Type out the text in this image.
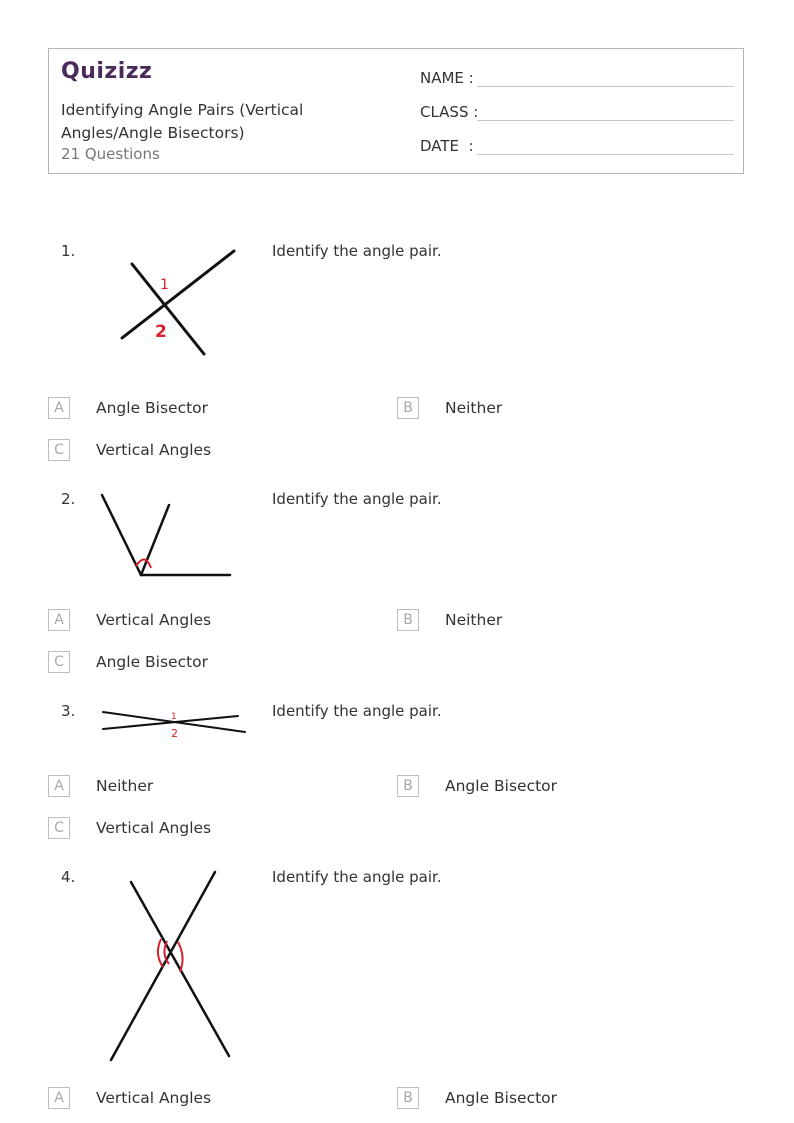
Quizizz
Identifying Angle Pairs (Vertical Angles/Angle Bisectors)
21 Questions
NAME :
CLASS :
DATE  :
1.
1
2
Identify the angle pair.
A	Angle Bisector	B	Neither
C	Vertical Angles
2.	Identify the angle pair.
A	Vertical Angles	B	Neither
C	Angle Bisector
3.	1
2
Identify the angle pair.
A	Neither	B	Angle Bisector
C	Vertical Angles
4.	Identify the angle pair.
A	Vertical Angles	B	Angle Bisector
